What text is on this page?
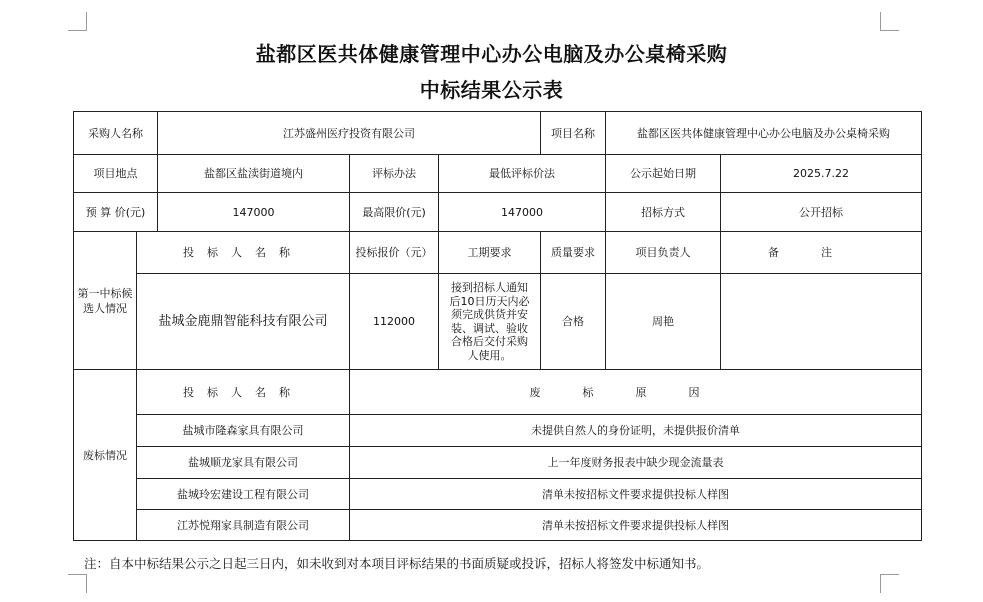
盐都区医共体健康管理中心办公电脑及办公桌椅采购
中标结果公示表
采购人名称		江苏盛州医疗投资有限公司			项目名称	盐都区医共体健康管理中心办公电脑及办公桌椅采购	
项目地点		盐都区盐渎街道境内	评标办法	最低评标价法		公示起始日期	2025.7.22
预 算 价(元)		147000	最高限价(元)	147000		招标方式	公开招标
第一中标候选人情况	投标人名称		投标报价（元）	工期要求	质量要求	项目负责人	备注
	盐城金鹿鼎智能科技有限公司		112000	接到招标人通知后10日历天内必须完成供货并安装、调试、验收合格后交付采购人使用。	合格	周艳	
废标情况	投标人名称		废标原因				
	盐城市隆森家具有限公司		未提供自然人的身份证明，未提供报价清单				
	盐城顺龙家具有限公司		上一年度财务报表中缺少现金流量表				
	盐城玲宏建设工程有限公司		清单未按招标文件要求提供投标人样图				
	江苏悦翔家具制造有限公司		清单未按招标文件要求提供投标人样图				
注：自本中标结果公示之日起三日内，如未收到对本项目评标结果的书面质疑或投诉，招标人将签发中标通知书。
